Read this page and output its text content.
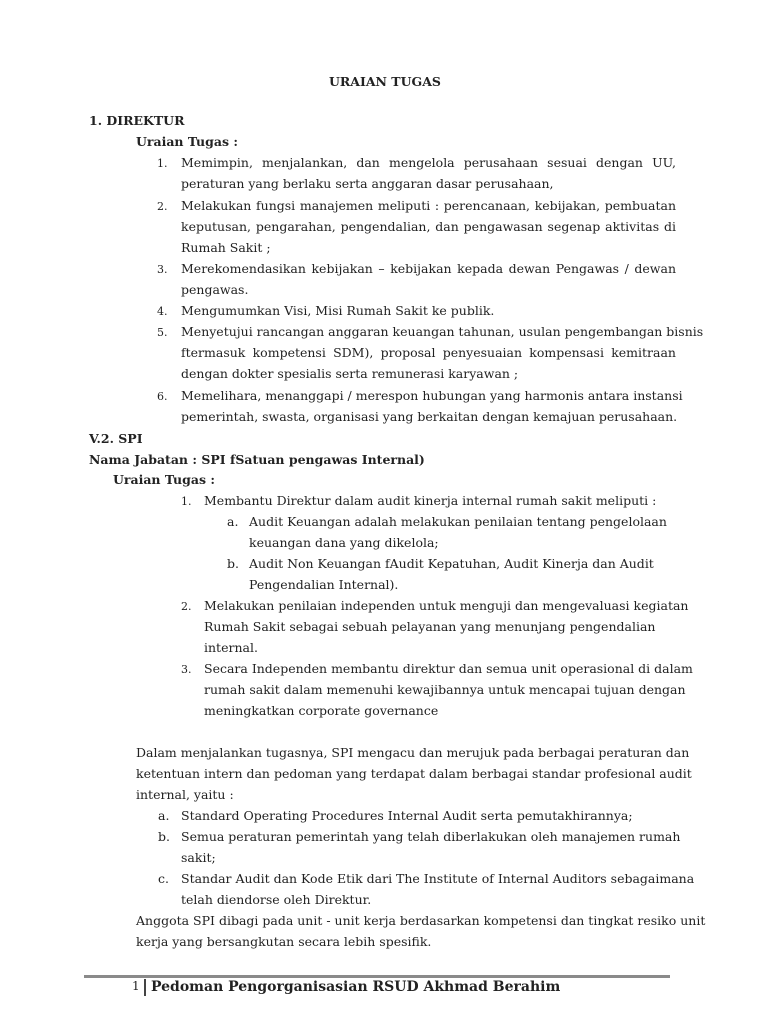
URAIAN TUGAS
1. DIREKTUR
Uraian Tugas :
1. Memimpin, menjalankan, dan mengelola perusahaan sesuai dengan UU,
peraturan yang berlaku serta anggaran dasar perusahaan,
2. Melakukan fungsi manajemen meliputi : perencanaan, kebijakan, pembuatan
keputusan, pengarahan, pengendalian, dan pengawasan segenap aktivitas di
Rumah Sakit ;
3. Merekomendasikan kebijakan – kebijakan kepada dewan Pengawas / dewan
pengawas.
4. Mengumumkan Visi, Misi Rumah Sakit ke publik.
5. Menyetujui rancangan anggaran keuangan tahunan, usulan pengembangan bisnis
ftermasuk kompetensi SDM), proposal penyesuaian kompensasi kemitraan
dengan dokter spesialis serta remunerasi karyawan ;
6. Memelihara, menanggapi / merespon hubungan yang harmonis antara instansi
pemerintah, swasta, organisasi yang berkaitan dengan kemajuan perusahaan.
V.2. SPI
Nama Jabatan : SPI fSatuan pengawas Internal)
Uraian Tugas :
1. Membantu Direktur dalam audit kinerja internal rumah sakit meliputi :
a. Audit Keuangan adalah melakukan penilaian tentang pengelolaan
keuangan dana yang dikelola;
b. Audit Non Keuangan fAudit Kepatuhan, Audit Kinerja dan Audit
Pengendalian Internal).
2. Melakukan penilaian independen untuk menguji dan mengevaluasi kegiatan
Rumah Sakit sebagai sebuah pelayanan yang menunjang pengendalian
internal.
3. Secara Independen membantu direktur dan semua unit operasional di dalam
rumah sakit dalam memenuhi kewajibannya untuk mencapai tujuan dengan
meningkatkan corporate governance
Dalam menjalankan tugasnya, SPI mengacu dan merujuk pada berbagai peraturan dan
ketentuan intern dan pedoman yang terdapat dalam berbagai standar profesional audit
internal, yaitu :
a. Standard Operating Procedures Internal Audit serta pemutakhirannya;
b. Semua peraturan pemerintah yang telah diberlakukan oleh manajemen rumah
sakit;
c. Standar Audit dan Kode Etik dari The Institute of Internal Auditors sebagaimana
telah diendorse oleh Direktur.
Anggota SPI dibagi pada unit - unit kerja berdasarkan kompetensi dan tingkat resiko unit
kerja yang bersangkutan secara lebih spesifik.
1 Pedoman Pengorganisasian RSUD Akhmad Berahim
